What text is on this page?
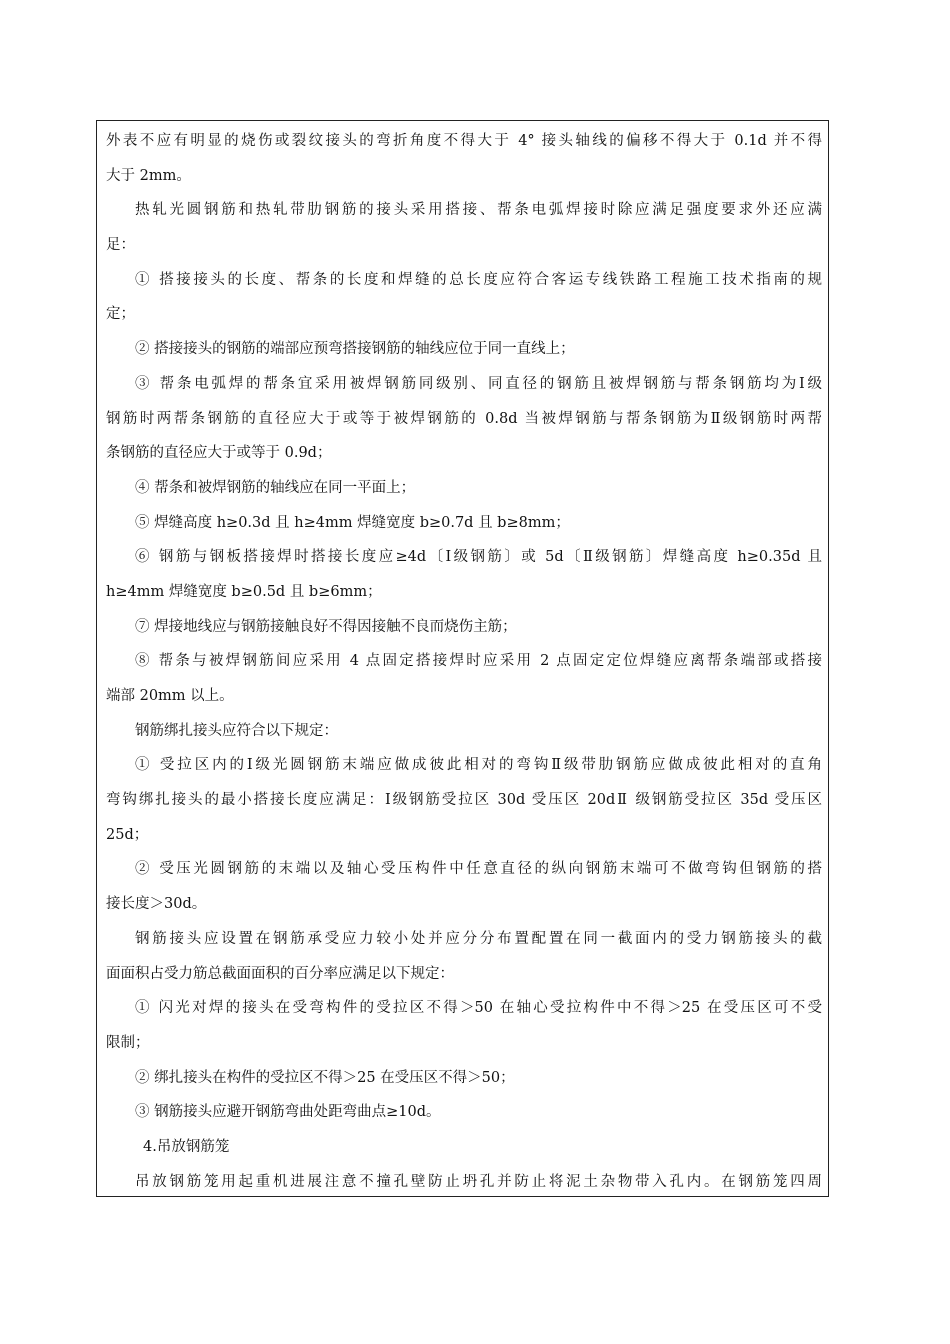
外表不应有明显的烧伤或裂纹接头的弯折角度不得大于 4° 接头轴线的偏移不得大于 0.1d 并不得
大于 2mm。
热轧光圆钢筋和热轧带肋钢筋的接头采用搭接、帮条电弧焊接时除应满足强度要求外还应满
足：
① 搭接接头的长度、帮条的长度和焊缝的总长度应符合客运专线铁路工程施工技术指南的规
定；
② 搭接接头的钢筋的端部应预弯搭接钢筋的轴线应位于同一直线上；
③ 帮条电弧焊的帮条宜采用被焊钢筋同级别、同直径的钢筋且被焊钢筋与帮条钢筋均为Ⅰ级
钢筋时两帮条钢筋的直径应大于或等于被焊钢筋的 0.8d 当被焊钢筋与帮条钢筋为Ⅱ级钢筋时两帮
条钢筋的直径应大于或等于 0.9d；
④ 帮条和被焊钢筋的轴线应在同一平面上；
⑤ 焊缝高度 h≥0.3d 且 h≥4mm 焊缝宽度 b≥0.7d 且 b≥8mm；
⑥ 钢筋与钢板搭接焊时搭接长度应≥4d〔Ⅰ级钢筋〕或 5d〔Ⅱ级钢筋〕焊缝高度 h≥0.35d 且
h≥4mm 焊缝宽度 b≥0.5d 且 b≥6mm；
⑦ 焊接地线应与钢筋接触良好不得因接触不良而烧伤主筋；
⑧ 帮条与被焊钢筋间应采用 4 点固定搭接焊时应采用 2 点固定定位焊缝应离帮条端部或搭接
端部 20mm 以上。
钢筋绑扎接头应符合以下规定：
① 受拉区内的Ⅰ级光圆钢筋末端应做成彼此相对的弯钩Ⅱ级带肋钢筋应做成彼此相对的直角
弯钩绑扎接头的最小搭接长度应满足：Ⅰ级钢筋受拉区 30d 受压区 20dⅡ 级钢筋受拉区 35d 受压区
25d；
② 受压光圆钢筋的末端以及轴心受压构件中任意直径的纵向钢筋末端可不做弯钩但钢筋的搭
接长度＞30d。
钢筋接头应设置在钢筋承受应力较小处并应分分布置配置在同一截面内的受力钢筋接头的截
面面积占受力筋总截面面积的百分率应满足以下规定：
① 闪光对焊的接头在受弯构件的受拉区不得＞50 在轴心受拉构件中不得＞25 在受压区可不受
限制；
② 绑扎接头在构件的受拉区不得＞25 在受压区不得＞50；
③ 钢筋接头应避开钢筋弯曲处距弯曲点≥10d。
4.吊放钢筋笼
吊放钢筋笼用起重机进展注意不撞孔壁防止坍孔并防止将泥土杂物带入孔内。在钢筋笼四周
